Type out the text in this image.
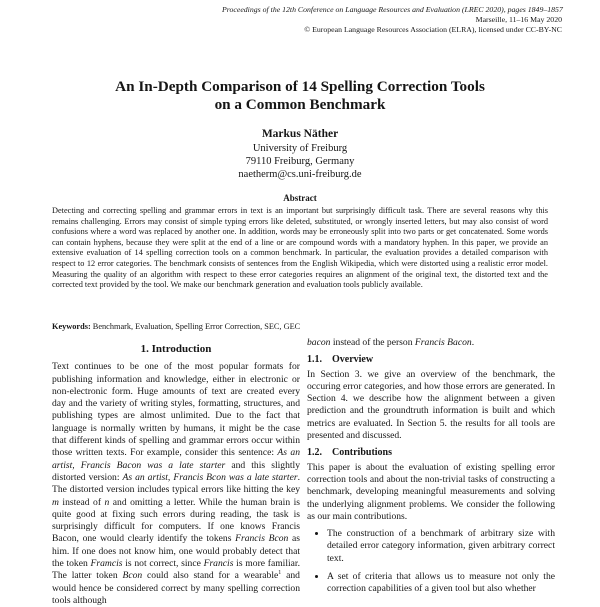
Proceedings of the 12th Conference on Language Resources and Evaluation (LREC 2020), pages 1849–1857
Marseille, 11–16 May 2020
© European Language Resources Association (ELRA), licensed under CC-BY-NC
An In-Depth Comparison of 14 Spelling Correction Tools
on a Common Benchmark
Markus Näther
University of Freiburg
79110 Freiburg, Germany
naetherm@cs.uni-freiburg.de
Abstract
Detecting and correcting spelling and grammar errors in text is an important but surprisingly difficult task. There are several reasons why this remains challenging. Errors may consist of simple typing errors like deleted, substituted, or wrongly inserted letters, but may also consist of word confusions where a word was replaced by another one. In addition, words may be erroneously split into two parts or get concatenated. Some words can contain hyphens, because they were split at the end of a line or are compound words with a mandatory hyphen. In this paper, we provide an extensive evaluation of 14 spelling correction tools on a common benchmark. In particular, the evaluation provides a detailed comparison with respect to 12 error categories. The benchmark consists of sentences from the English Wikipedia, which were distorted using a realistic error model. Measuring the quality of an algorithm with respect to these error categories requires an alignment of the original text, the distorted text and the corrected text provided by the tool. We make our benchmark generation and evaluation tools publicly available.
Keywords: Benchmark, Evaluation, Spelling Error Correction, SEC, GEC
1. Introduction

Text continues to be one of the most popular formats for publishing information and knowledge, either in electronic or non-electronic form. Huge amounts of text are created every day and the variety of writing styles, formatting, structures, and publishing types are almost unlimited. Due to the fact that language is normally written by humans, it might be the case that different kinds of spelling and grammar errors occur within those written texts. For example, consider this sentence: As an artist, Francis Bacon was a late starter and this slightly distorted version: As an artist, Francis Bcon was a late starter. The distorted version includes typical errors like hitting the key m instead of n and omitting a letter. While the human brain is quite good at fixing such errors during reading, the task is surprisingly difficult for computers. If one knows Francis Bacon, one would clearly identify the tokens Francis Bcon as him. If one does not know him, one would probably detect that the token Framcis is not correct, since Francis is more familiar. The latter token Bcon could also stand for a wearable$^1$ and would hence be considered correct by many spelling correction tools although

bacon instead of the person Francis Bacon.

1.1. Overview

In Section 3. we give an overview of the benchmark, the occuring error categories, and how those errors are generated. In Section 4. we describe how the alignment between a given prediction and the groundtruth information is built and which metrics are evaluated. In Section 5. the results for all tools are presented and discussed.

1.2. Contributions

This paper is about the evaluation of existing spelling error correction tools and about the non-trivial tasks of constructing a benchmark, developing meaningful measurements and solving the underlying alignment problems. We consider the following as our main contributions.

• The construction of a benchmark of arbitrary size with detailed error category information, given arbitrary correct text.
• A set of criteria that allows us to measure not only the correction capabilities of a given tool but also whether
